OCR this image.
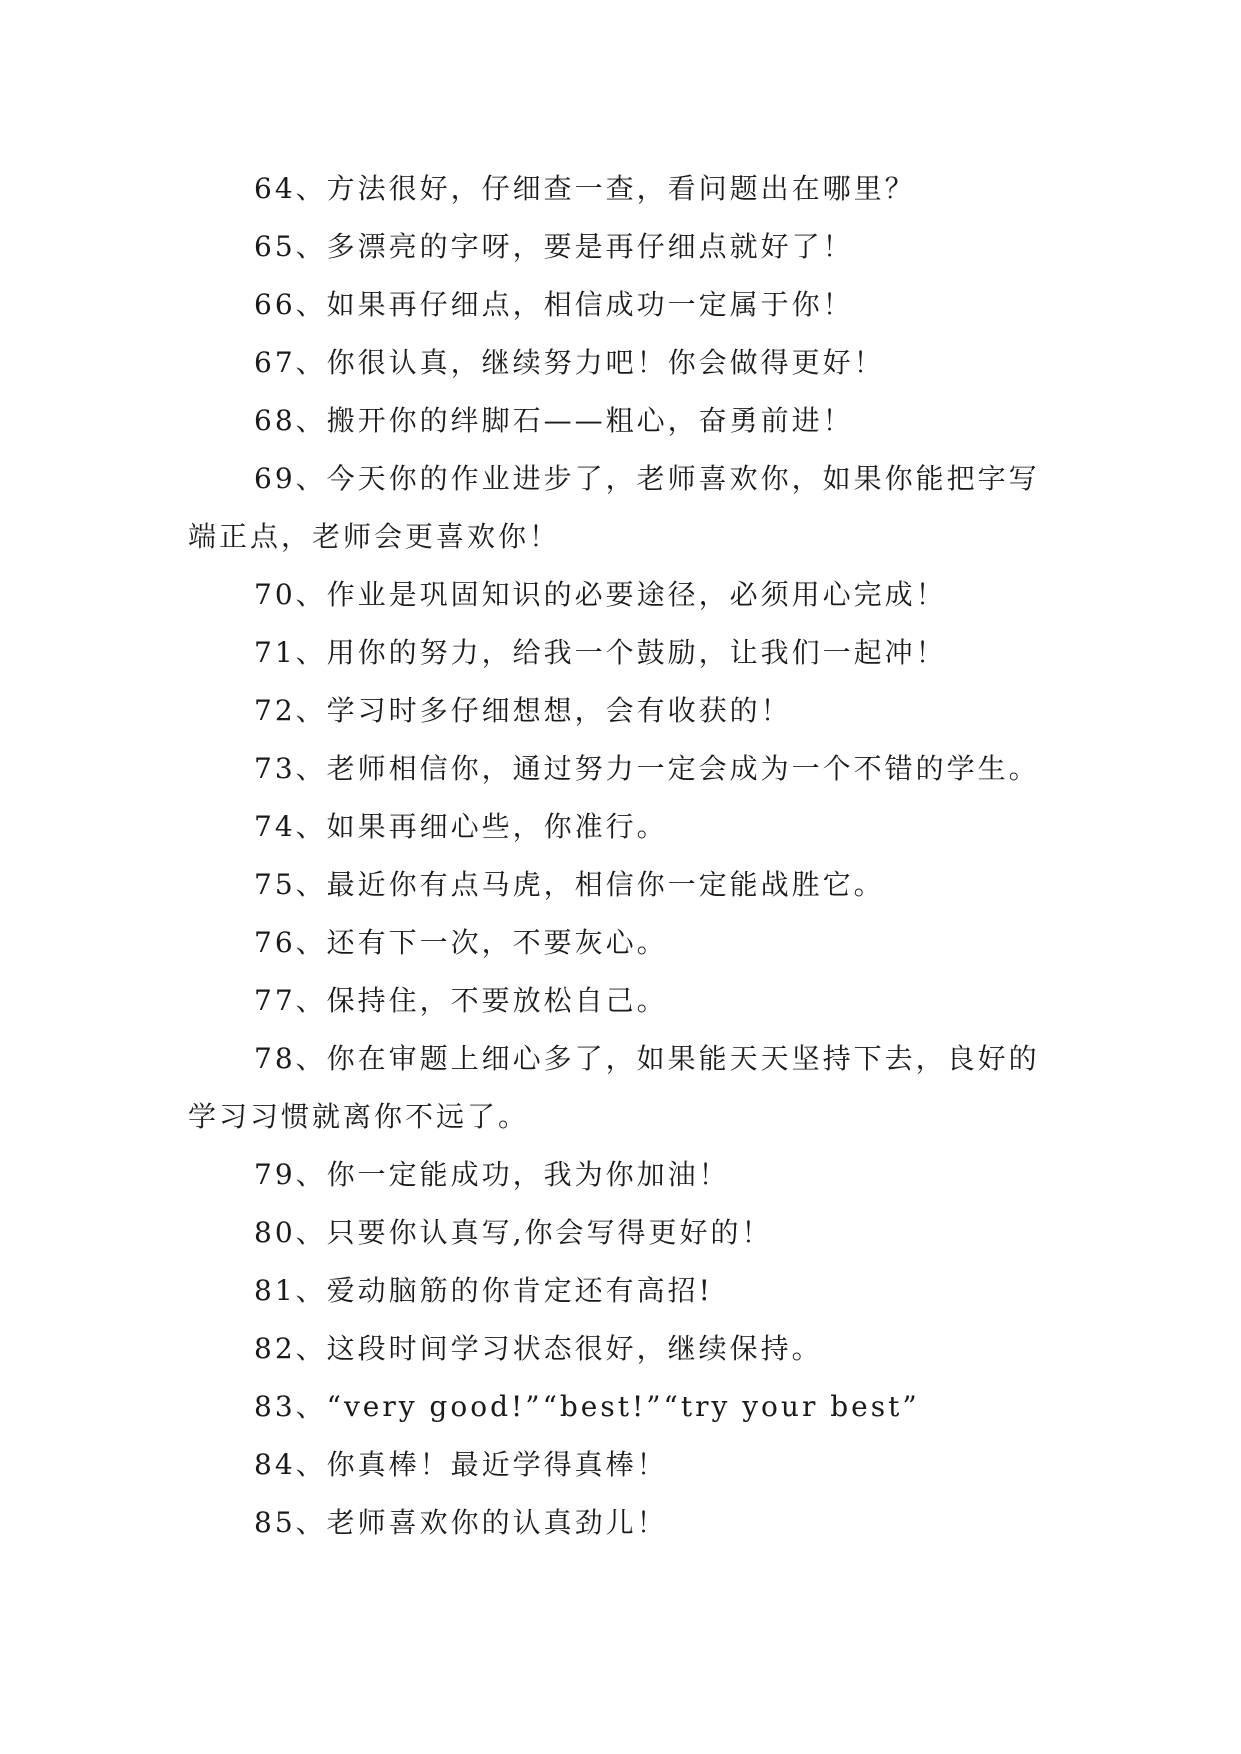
64、方法很好，仔细查一查，看问题出在哪里？

65、多漂亮的字呀，要是再仔细点就好了！

66、如果再仔细点，相信成功一定属于你！

67、你很认真，继续努力吧！你会做得更好！

68、搬开你的绊脚石——粗心，奋勇前进！

69、今天你的作业进步了，老师喜欢你，如果你能把字写端正点，老师会更喜欢你！

70、作业是巩固知识的必要途径，必须用心完成！

71、用你的努力，给我一个鼓励，让我们一起冲！

72、学习时多仔细想想，会有收获的！

73、老师相信你，通过努力一定会成为一个不错的学生。

74、如果再细心些，你准行。

75、最近你有点马虎，相信你一定能战胜它。

76、还有下一次，不要灰心。

77、保持住，不要放松自己。

78、你在审题上细心多了，如果能天天坚持下去，良好的学习习惯就离你不远了。

79、你一定能成功，我为你加油！

80、只要你认真写,你会写得更好的！

81、爱动脑筋的你肯定还有高招!

82、这段时间学习状态很好，继续保持。

83、“very good!”“best!”“try your best”

84、你真棒！最近学得真棒！

85、老师喜欢你的认真劲儿！
